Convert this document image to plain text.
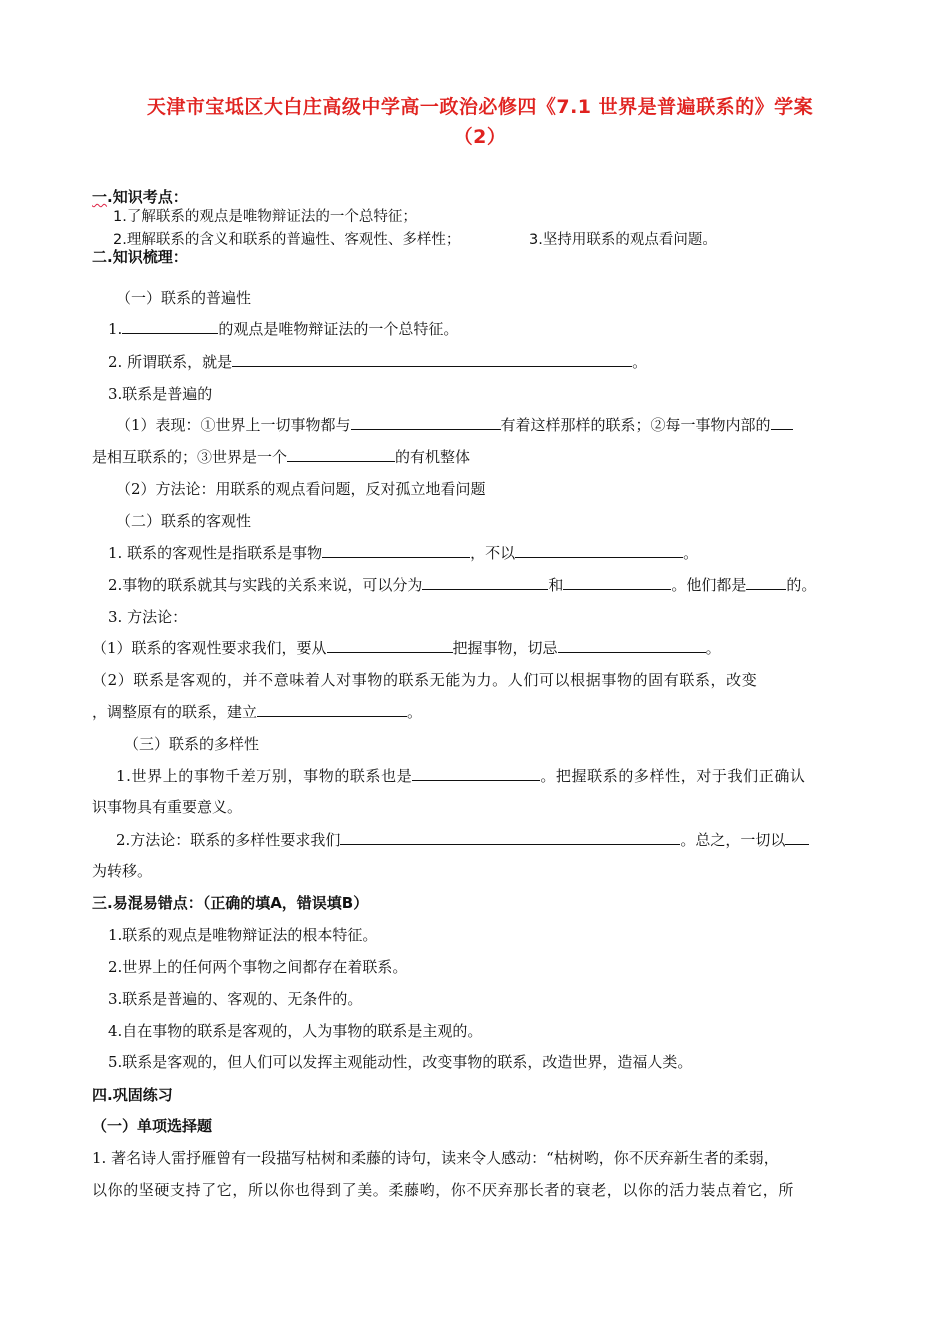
天津市宝坻区大白庄高级中学高一政治必修四《7.1 世界是普遍联系的》学案
（2）
一.知识考点：
1.了解联系的观点是唯物辩证法的一个总特征；
2.理解联系的含义和联系的普遍性、客观性、多样性；	3.坚持用联系的观点看问题。
二.知识梳理：
（一）联系的普遍性
1.	的观点是唯物辩证法的一个总特征。
2. 所谓联系，就是	。
3.联系是普遍的
（1）表现：①世界上一切事物都与	有着这样那样的联系；②每一事物内部的
是相互联系的；③世界是一个	的有机整体
（2）方法论：用联系的观点看问题，反对孤立地看问题
（二）联系的客观性
1. 联系的客观性是指联系是事物	，不以	。
2.事物的联系就其与实践的关系来说，可以分为	和	。他们都是	的。
3. 方法论：
（1）联系的客观性要求我们，要从	把握事物，切忌	。
（2）联系是客观的，并不意味着人对事物的联系无能为力。人们可以根据事物的固有联系，改变
，调整原有的联系，建立	。
（三）联系的多样性
1.世界上的事物千差万别，事物的联系也是	。把握联系的多样性，对于我们正确认
识事物具有重要意义。
2.方法论：联系的多样性要求我们	。总之，一切以
为转移。
三.易混易错点：（正确的填A，错误填B）
1.联系的观点是唯物辩证法的根本特征。
2.世界上的任何两个事物之间都存在着联系。
3.联系是普遍的、客观的、无条件的。
4.自在事物的联系是客观的，人为事物的联系是主观的。
5.联系是客观的，但人们可以发挥主观能动性，改变事物的联系，改造世界，造福人类。
四.巩固练习
（一）单项选择题
1. 著名诗人雷抒雁曾有一段描写枯树和柔藤的诗句，读来令人感动：“枯树哟，你不厌弃新生者的柔弱，
以你的坚硬支持了它，所以你也得到了美。柔藤哟，你不厌弃那长者的衰老，以你的活力装点着它，所
